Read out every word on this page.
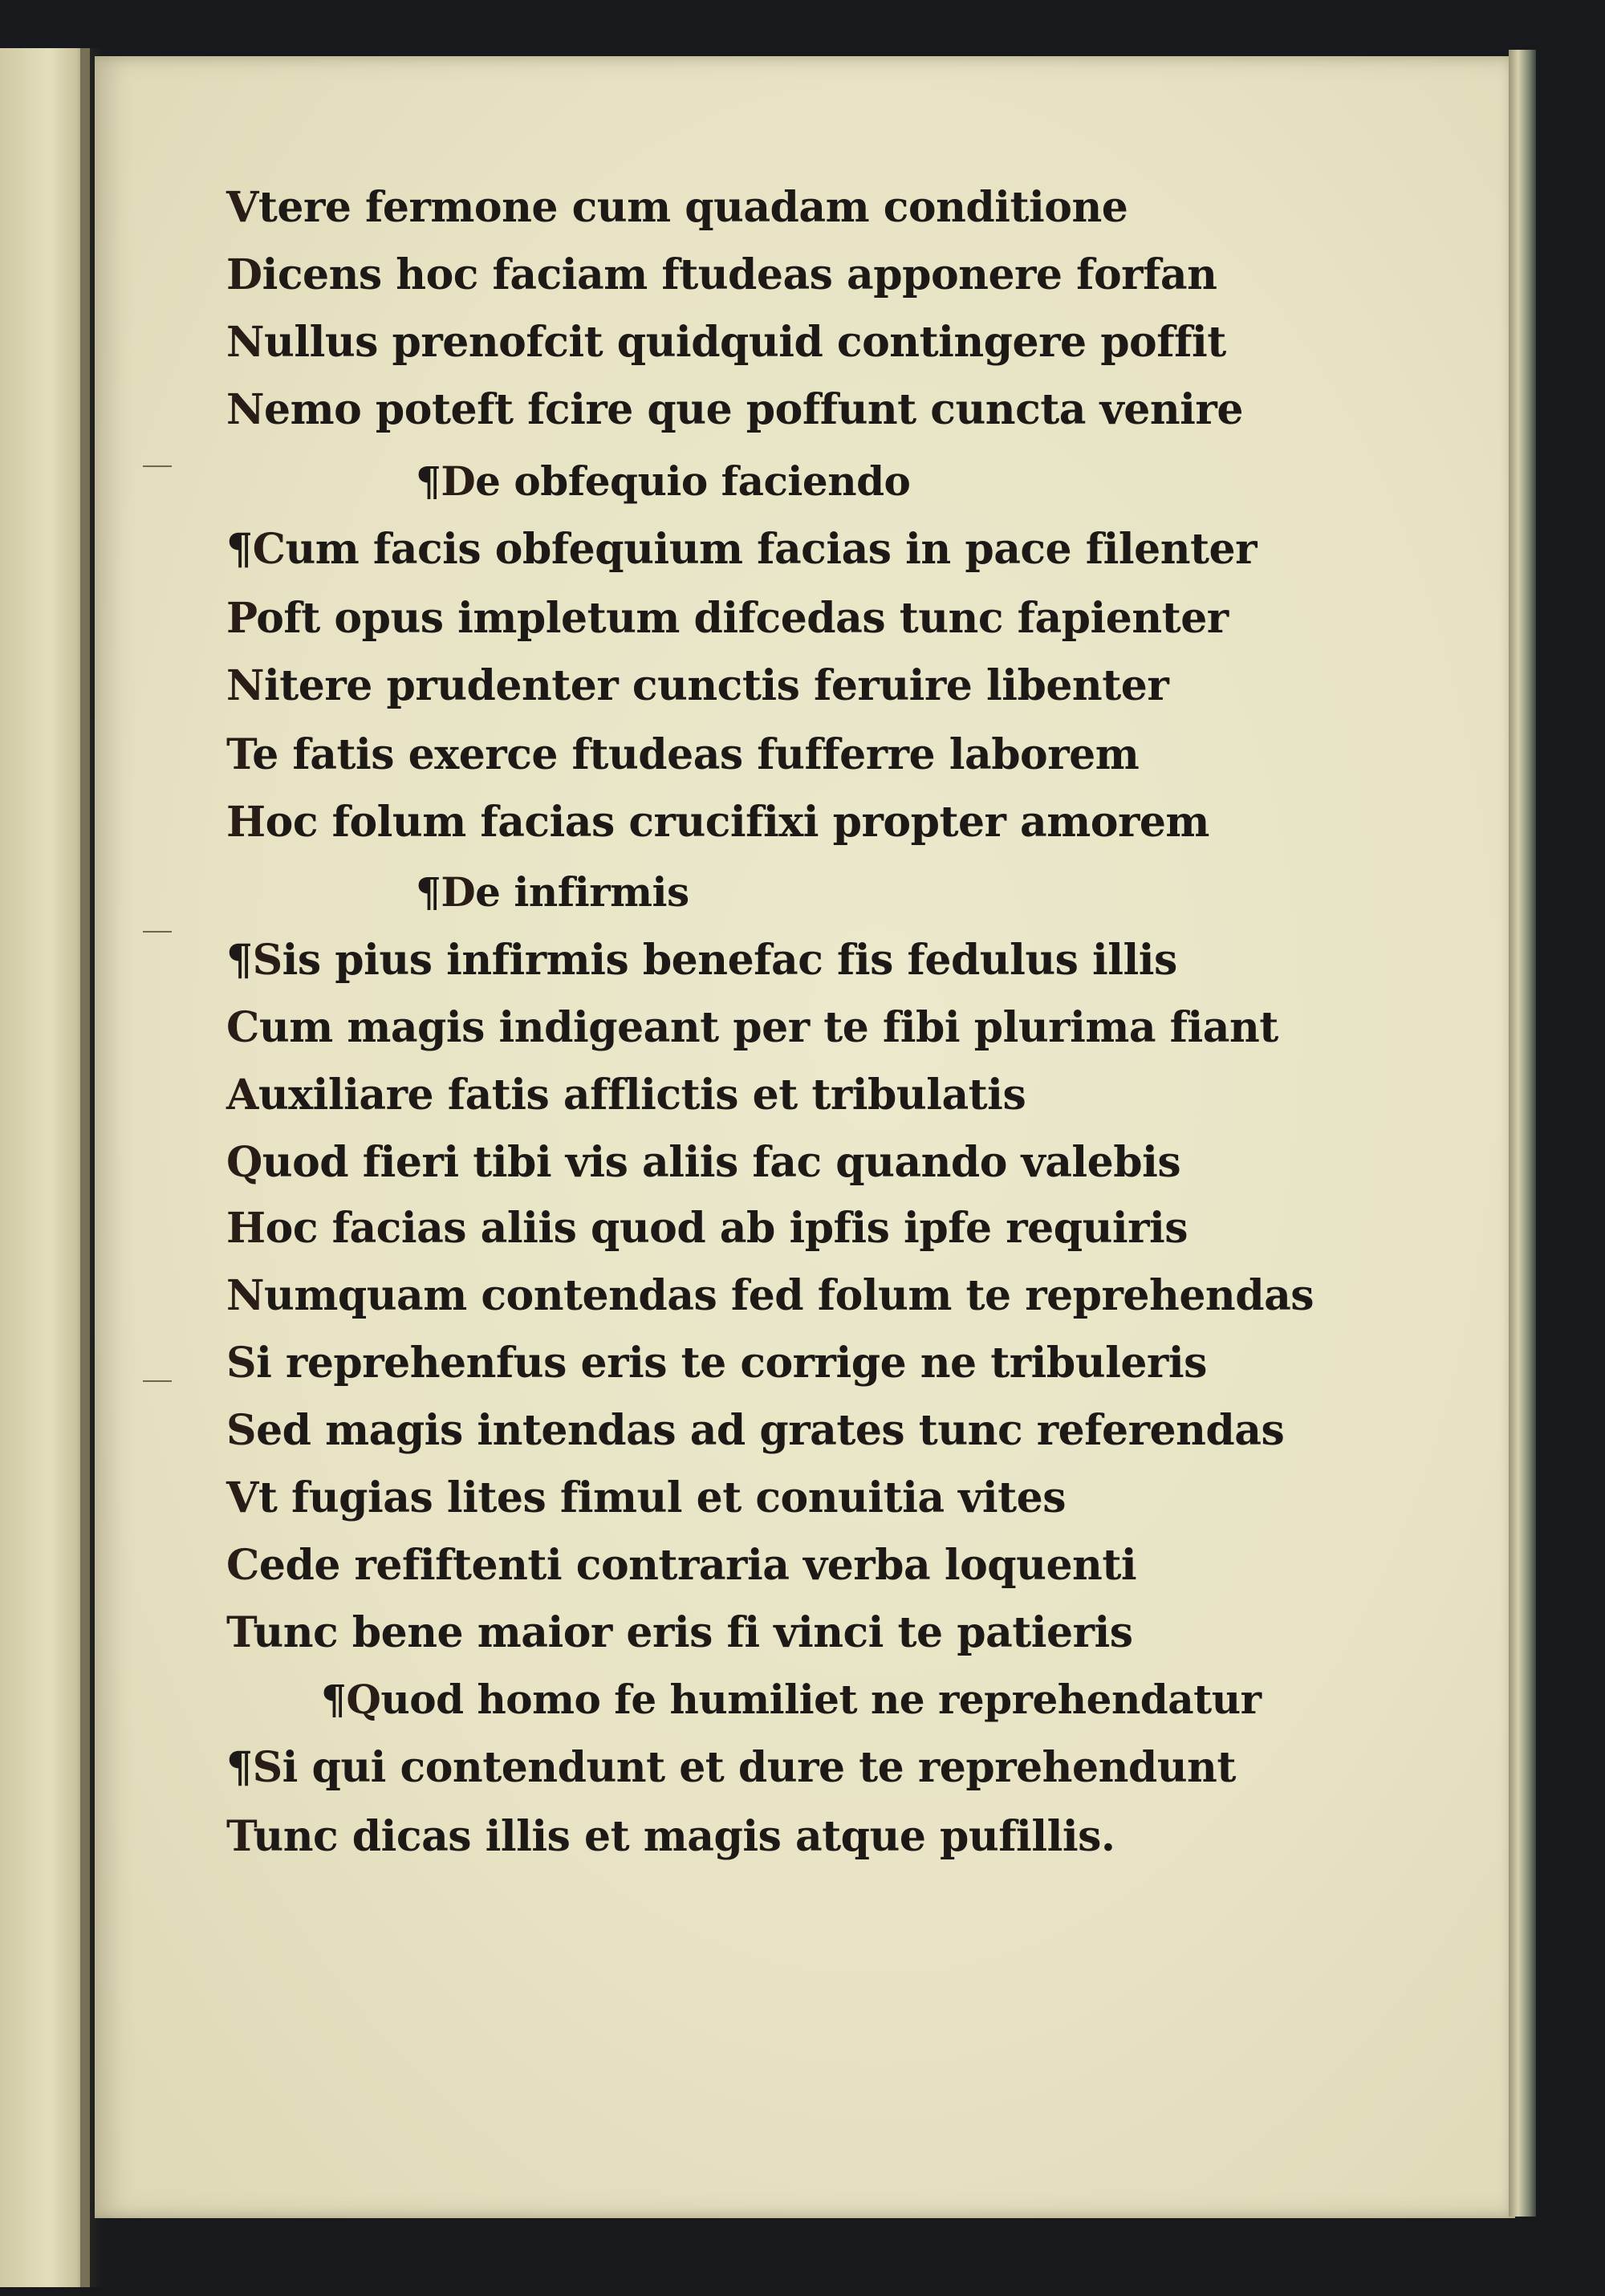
Vtere fermone cum quadam conditione
Dicens hoc faciam ftudeas apponere forfan
Nullus prenofcit quidquid contingere poffit
Nemo poteft fcire que poffunt cuncta venire
¶De obfequio faciendo
¶Cum facis obfequium facias in pace filenter
Poft opus impletum difcedas tunc fapienter
Nitere prudenter cunctis feruire libenter
Te fatis exerce ftudeas fufferre laborem
Hoc folum facias crucifixi propter amorem
¶De infirmis
¶Sis pius infirmis benefac fis fedulus illis
Cum magis indigeant per te fibi plurima fiant
Auxiliare fatis afflictis et tribulatis
Quod fieri tibi vis aliis fac quando valebis
Hoc facias aliis quod ab ipfis ipfe requiris
Numquam contendas fed folum te reprehendas
Si reprehenfus eris te corrige ne tribuleris
Sed magis intendas ad grates tunc referendas
Vt fugias lites fimul et conuitia vites
Cede refiftenti contraria verba loquenti
Tunc bene maior eris fi vinci te patieris
¶Quod homo fe humiliet ne reprehendatur
¶Si qui contendunt et dure te reprehendunt
Tunc dicas illis et magis atque pufillis.
